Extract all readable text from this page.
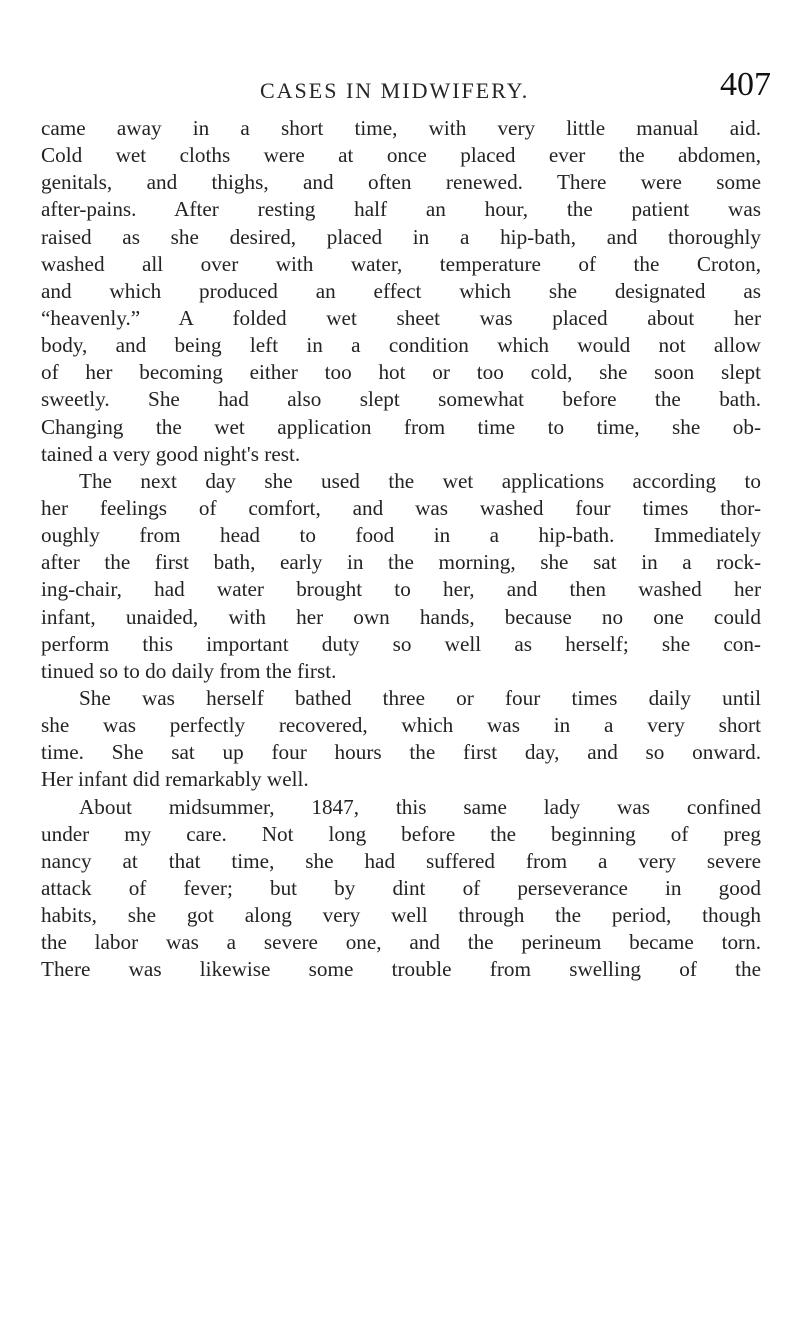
CASES IN MIDWIFERY.	407
came away in a short time, with very little manual aid.
Cold wet cloths were at once placed ever the abdomen,
genitals, and thighs, and often renewed. There were some
after-pains. After resting half an hour, the patient was
raised as she desired, placed in a hip-bath, and thoroughly
washed all over with water, temperature of the Croton,
and which produced an effect which she designated as
“heavenly.” A folded wet sheet was placed about her
body, and being left in a condition which would not allow
of her becoming either too hot or too cold, she soon slept
sweetly. She had also slept somewhat before the bath.
Changing the wet application from time to time, she ob-
tained a very good night's rest.
The next day she used the wet applications according to
her feelings of comfort, and was washed four times thor-
oughly from head to food in a hip-bath. Immediately
after the first bath, early in the morning, she sat in a rock-
ing-chair, had water brought to her, and then washed her
infant, unaided, with her own hands, because no one could
perform this important duty so well as herself; she con-
tinued so to do daily from the first.
She was herself bathed three or four times daily until
she was perfectly recovered, which was in a very short
time. She sat up four hours the first day, and so onward.
Her infant did remarkably well.
About midsummer, 1847, this same lady was confined
under my care. Not long before the beginning of preg
nancy at that time, she had suffered from a very severe
attack of fever; but by dint of perseverance in good
habits, she got along very well through the period, though
the labor was a severe one, and the perineum became torn.
There was likewise some trouble from swelling of the
